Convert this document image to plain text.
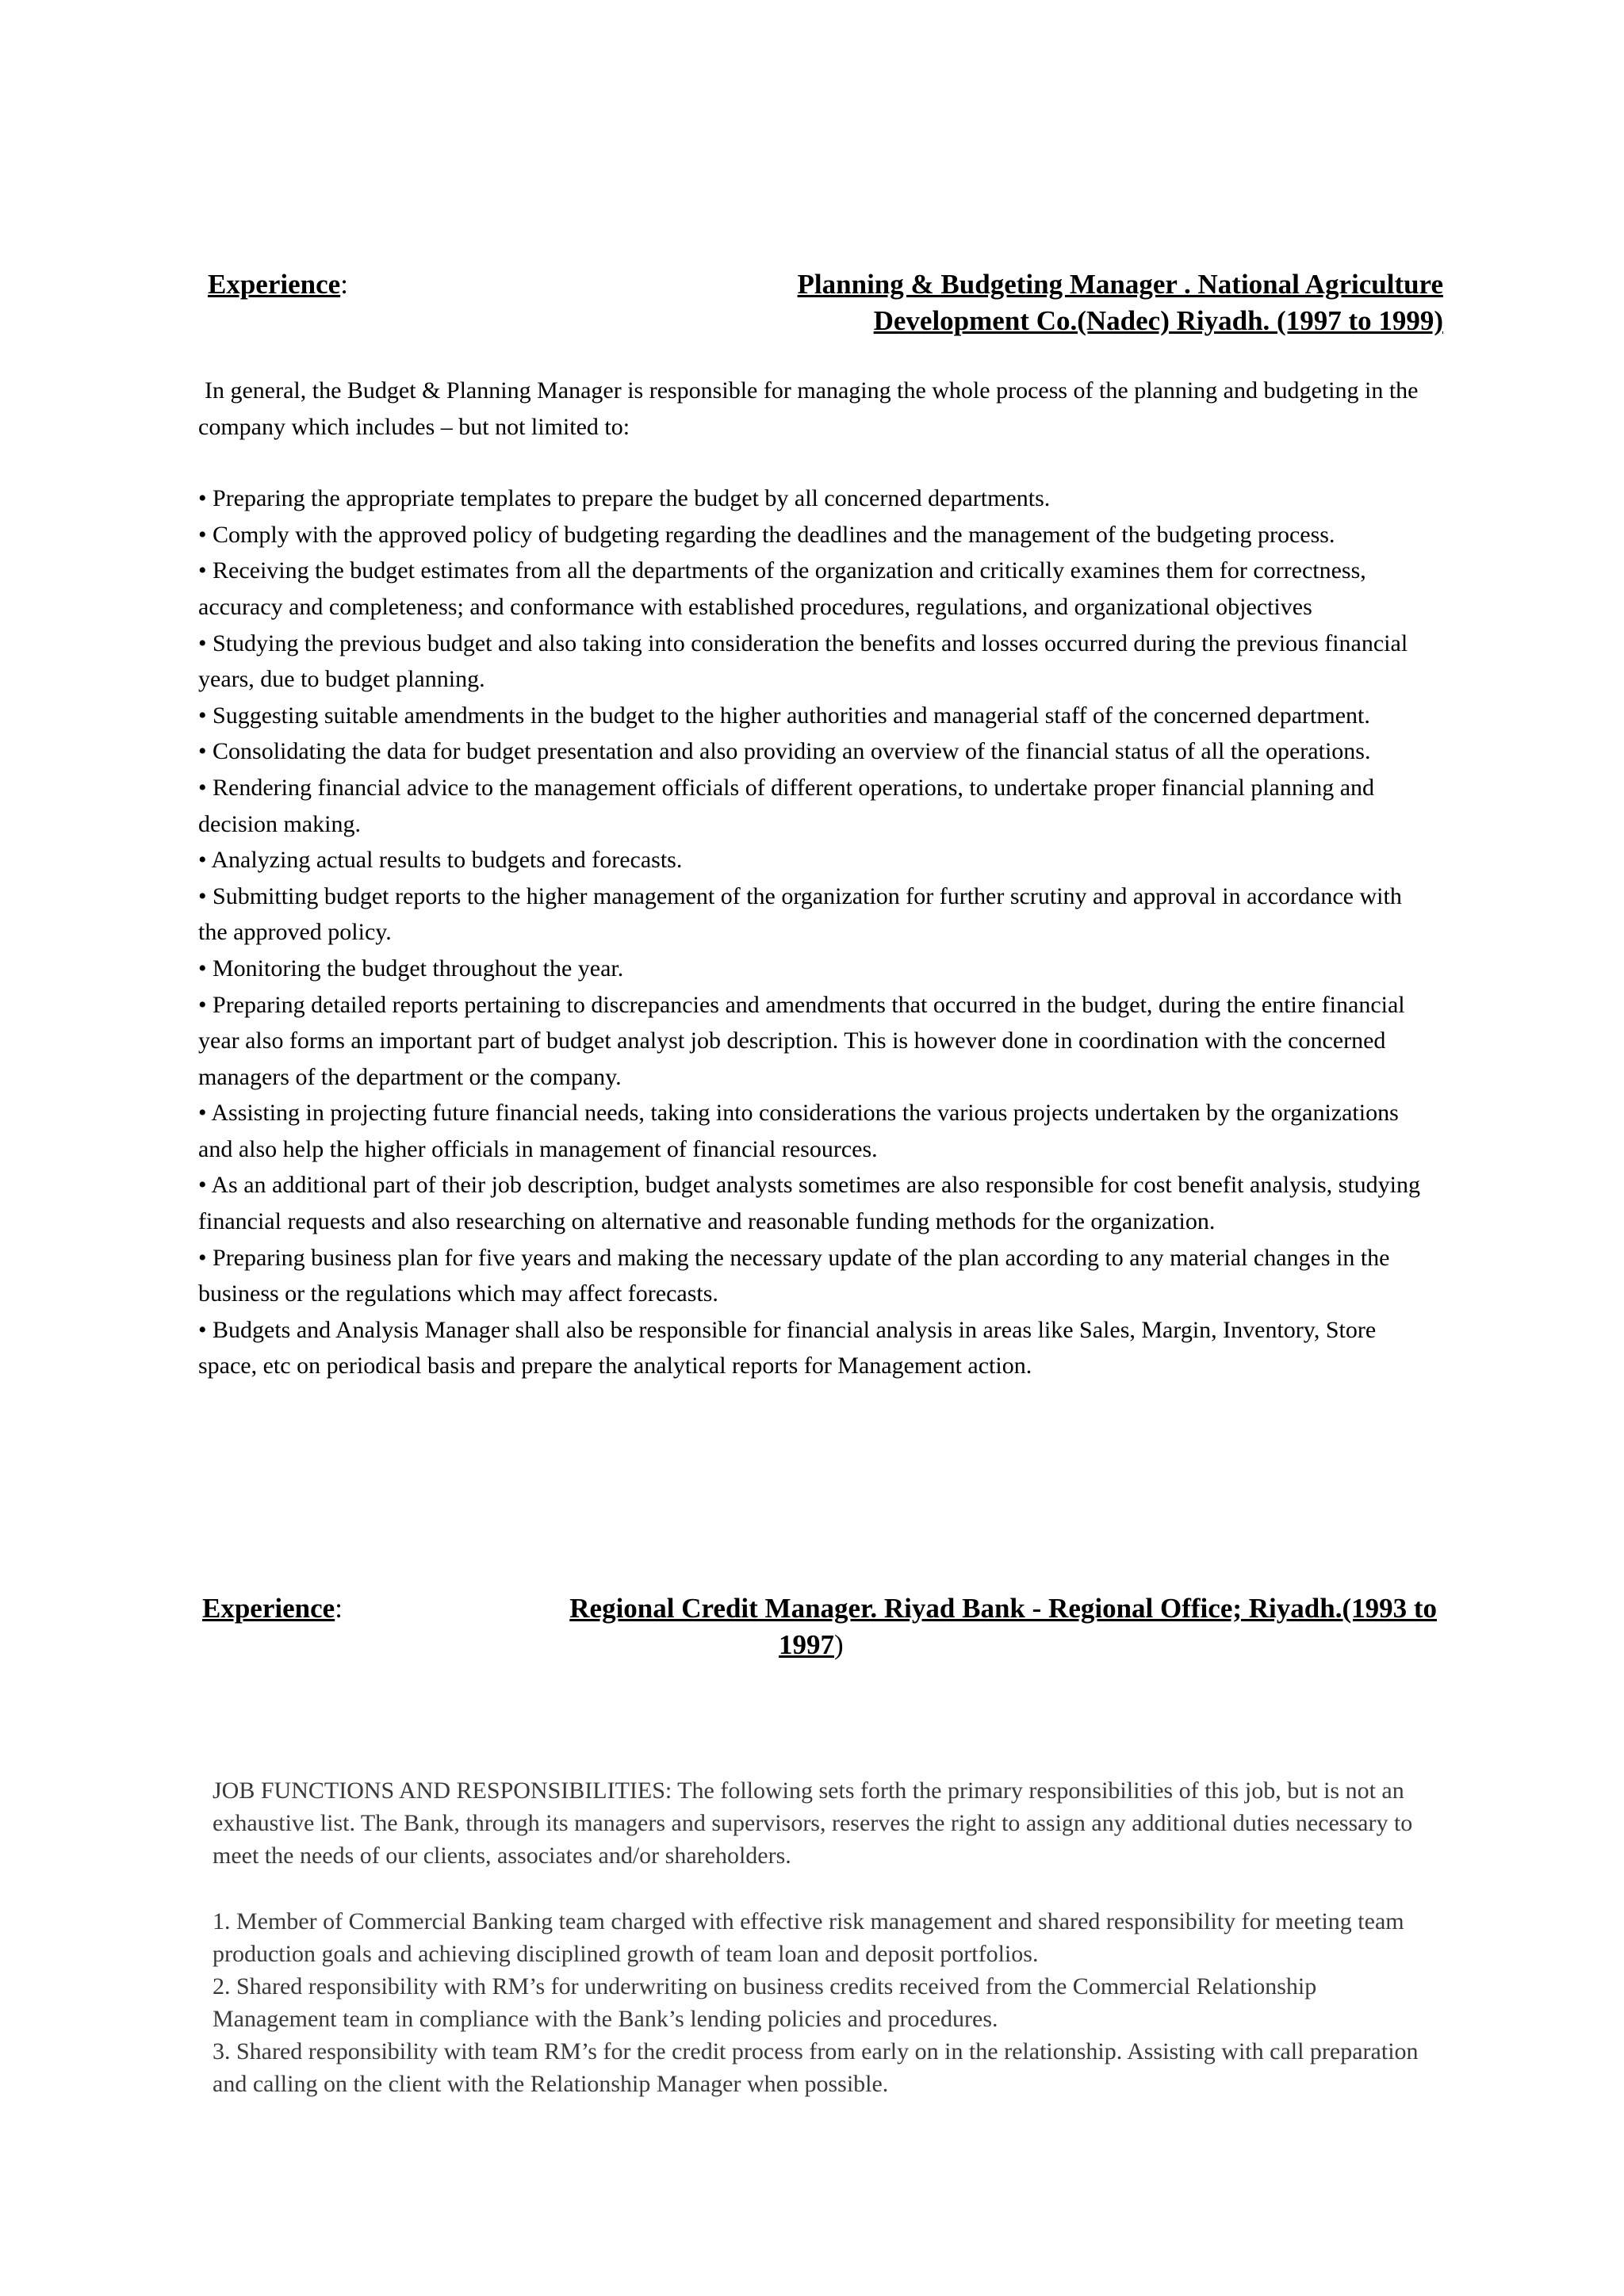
Experience:	Planning & Budgeting Manager . National Agriculture
Development Co.(Nadec) Riyadh. (1997 to 1999)

In general, the Budget & Planning Manager is responsible for managing the whole process of the planning and budgeting in the company which includes – but not limited to:

• Preparing the appropriate templates to prepare the budget by all concerned departments.

• Comply with the approved policy of budgeting regarding the deadlines and the management of the budgeting process.

• Receiving the budget estimates from all the departments of the organization and critically examines them for correctness, accuracy and completeness; and conformance with established procedures, regulations, and organizational objectives

• Studying the previous budget and also taking into consideration the benefits and losses occurred during the previous financial years, due to budget planning.

• Suggesting suitable amendments in the budget to the higher authorities and managerial staff of the concerned department.

• Consolidating the data for budget presentation and also providing an overview of the financial status of all the operations.

• Rendering financial advice to the management officials of different operations, to undertake proper financial planning and decision making.

• Analyzing actual results to budgets and forecasts.

• Submitting budget reports to the higher management of the organization for further scrutiny and approval in accordance with the approved policy.

• Monitoring the budget throughout the year.

• Preparing detailed reports pertaining to discrepancies and amendments that occurred in the budget, during the entire financial year also forms an important part of budget analyst job description. This is however done in coordination with the concerned managers of the department or the company.

• Assisting in projecting future financial needs, taking into considerations the various projects undertaken by the organizations and also help the higher officials in management of financial resources.

• As an additional part of their job description, budget analysts sometimes are also responsible for cost benefit analysis, studying financial requests and also researching on alternative and reasonable funding methods for the organization.

• Preparing business plan for five years and making the necessary update of the plan according to any material changes in the business or the regulations which may affect forecasts.

• Budgets and Analysis Manager shall also be responsible for financial analysis in areas like Sales, Margin, Inventory, Store space, etc on periodical basis and prepare the analytical reports for Management action.

Experience:	Regional Credit Manager. Riyad Bank - Regional Office; Riyadh.(1993 to
1997)

JOB FUNCTIONS AND RESPONSIBILITIES: The following sets forth the primary responsibilities of this job, but is not an exhaustive list. The Bank, through its managers and supervisors, reserves the right to assign any additional duties necessary to meet the needs of our clients, associates and/or shareholders.

1. Member of Commercial Banking team charged with effective risk management and shared responsibility for meeting team production goals and achieving disciplined growth of team loan and deposit portfolios.

2. Shared responsibility with RM’s for underwriting on business credits received from the Commercial Relationship Management team in compliance with the Bank’s lending policies and procedures.

3. Shared responsibility with team RM’s for the credit process from early on in the relationship. Assisting with call preparation and calling on the client with the Relationship Manager when possible.
